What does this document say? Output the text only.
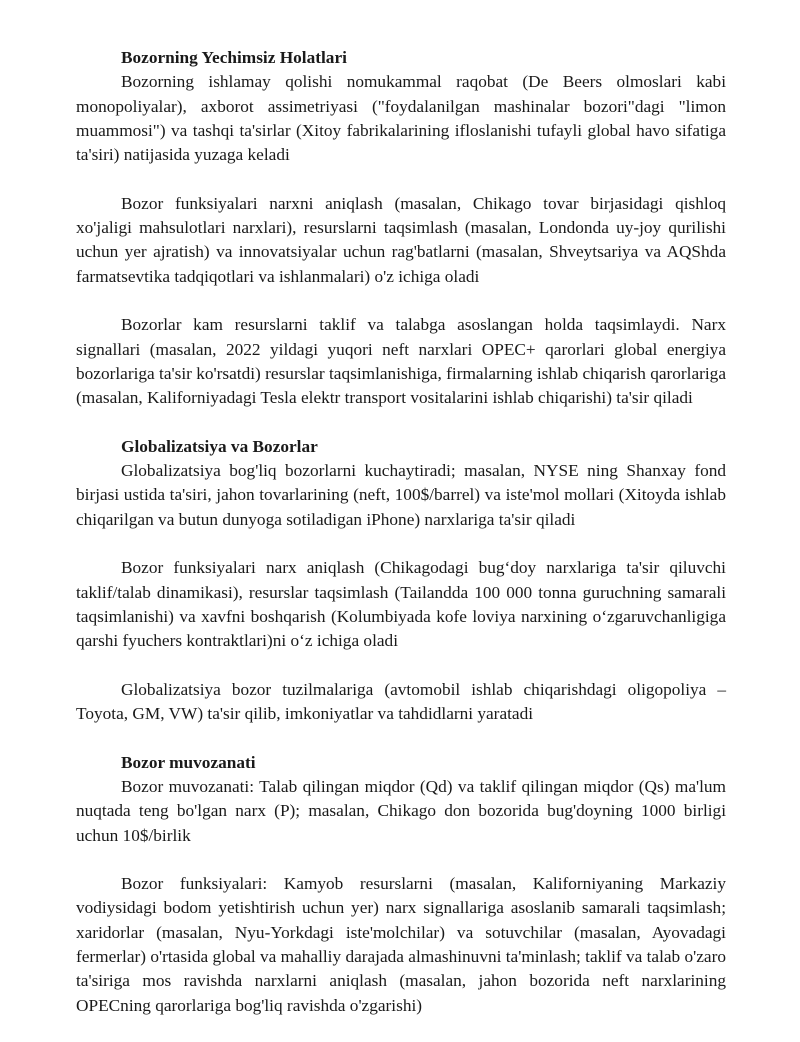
Bozorning Yechimsiz Holatlari

Bozorning ishlamay qolishi nomukammal raqobat (De Beers olmoslari kabi monopoliyalar), axborot assimetriyasi ("foydalanilgan mashinalar bozori"dagi "limon muammosi") va tashqi ta'sirlar (Xitoy fabrikalarining ifloslanishi tufayli global havo sifatiga ta'siri) natijasida yuzaga keladi

Bozor funksiyalari narxni aniqlash (masalan, Chikago tovar birjasidagi qishloq xo'jaligi mahsulotlari narxlari), resurslarni taqsimlash (masalan, Londonda uy-joy qurilishi uchun yer ajratish) va innovatsiyalar uchun rag'batlarni (masalan, Shveytsariya va AQShda farmatsevtika tadqiqotlari va ishlanmalari) o'z ichiga oladi

Bozorlar kam resurslarni taklif va talabga asoslangan holda taqsimlaydi. Narx signallari (masalan, 2022 yildagi yuqori neft narxlari OPEC+ qarorlari global energiya bozorlariga ta'sir ko'rsatdi) resurslar taqsimlanishiga, firmalarning ishlab chiqarish qarorlariga (masalan, Kaliforniyadagi Tesla elektr transport vositalarini ishlab chiqarishi) ta'sir qiladi

Globalizatsiya va Bozorlar

Globalizatsiya bog'liq bozorlarni kuchaytiradi; masalan, NYSE ning Shanxay fond birjasi ustida ta'siri, jahon tovarlarining (neft, 100$/barrel) va iste'mol mollari (Xitoyda ishlab chiqarilgan va butun dunyoga sotiladigan iPhone) narxlariga ta'sir qiladi

Bozor funksiyalari narx aniqlash (Chikagodagi bug‘doy narxlariga ta'sir qiluvchi taklif/talab dinamikasi), resurslar taqsimlash (Tailandda 100 000 tonna guruchning samarali taqsimlanishi) va xavfni boshqarish (Kolumbiyada kofe loviya narxining o‘zgaruvchanligiga qarshi fyuchers kontraktlari)ni o‘z ichiga oladi

Globalizatsiya bozor tuzilmalariga (avtomobil ishlab chiqarishdagi oligopoliya – Toyota, GM, VW) ta'sir qilib, imkoniyatlar va tahdidlarni yaratadi

Bozor muvozanati

Bozor muvozanati: Talab qilingan miqdor (Qd) va taklif qilingan miqdor (Qs) ma'lum nuqtada teng bo'lgan narx (P); masalan, Chikago don bozorida bug'doyning 1000 birligi uchun 10$/birlik

Bozor funksiyalari: Kamyob resurslarni (masalan, Kaliforniyaning Markaziy vodiysidagi bodom yetishtirish uchun yer) narx signallariga asoslanib samarali taqsimlash; xaridorlar (masalan, Nyu-Yorkdagi iste'molchilar) va sotuvchilar (masalan, Ayovadagi fermerlar) o'rtasida global va mahalliy darajada almashinuvni ta'minlash; taklif va talab o'zaro ta'siriga mos ravishda narxlarni aniqlash (masalan, jahon bozorida neft narxlarining OPECning qarorlariga bog'liq ravishda o'zgarishi)
